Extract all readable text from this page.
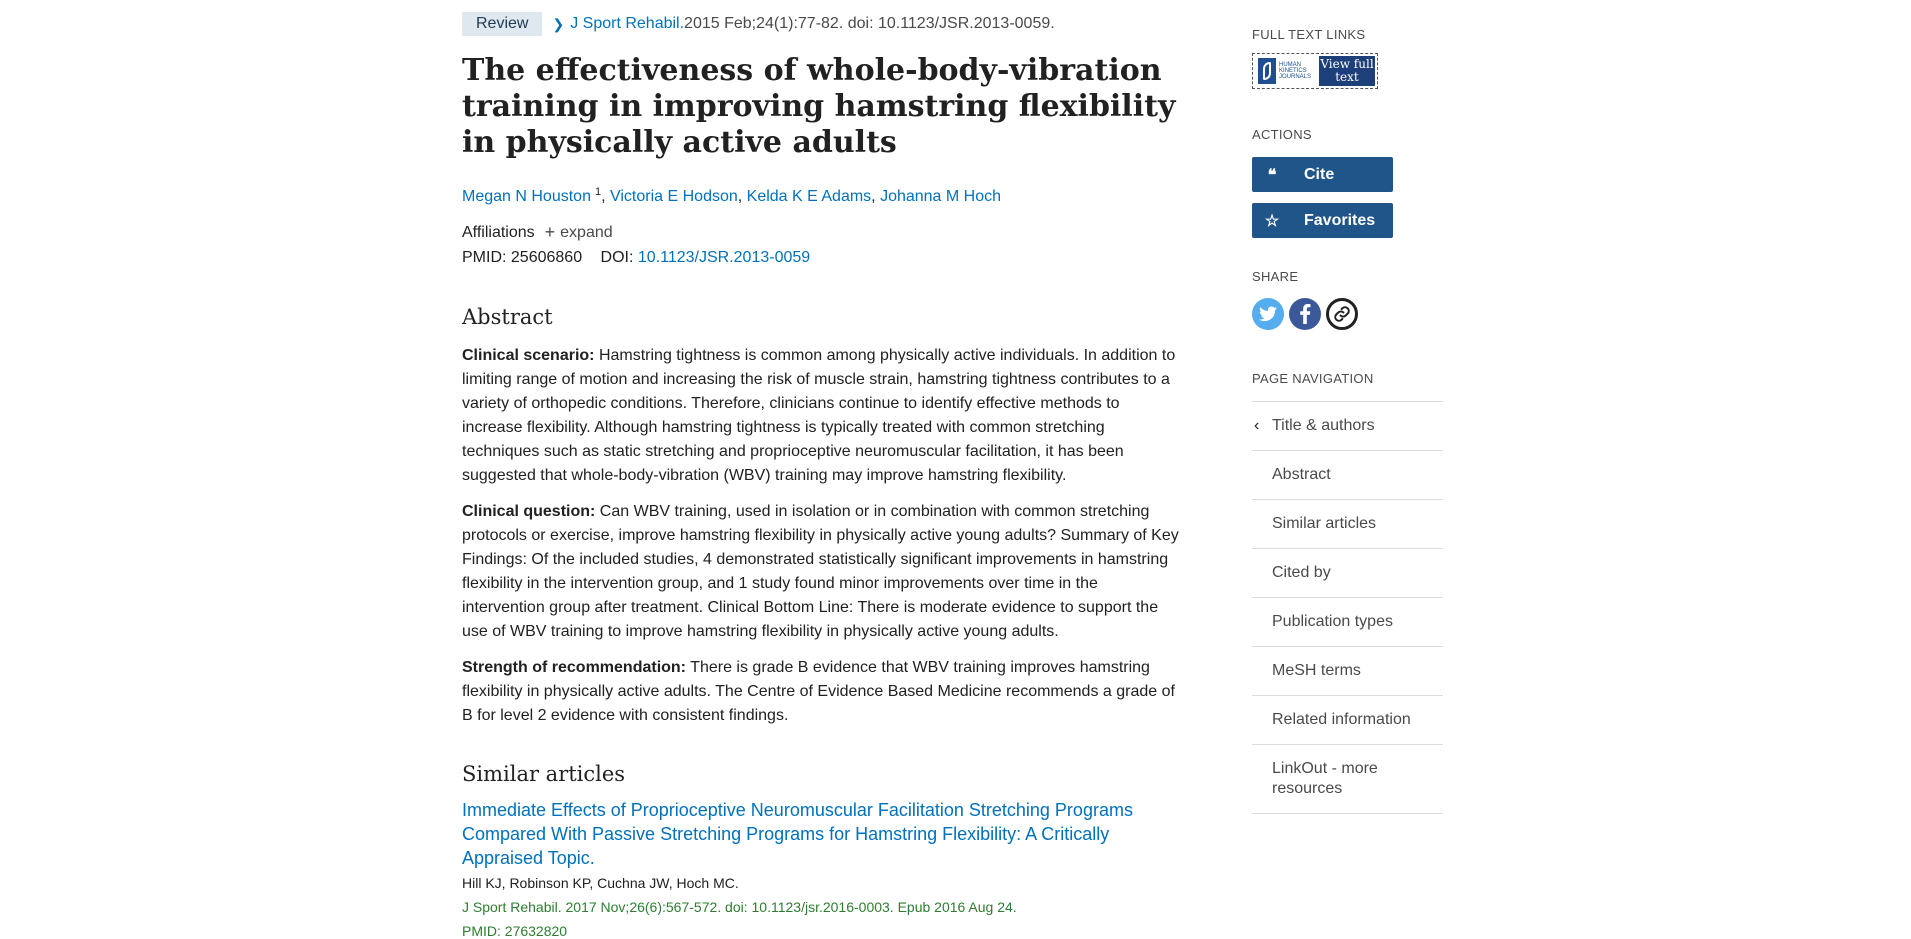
Review	❯ J Sport Rehabil. 2015 Feb;24(1):77-82. doi: 10.1123/JSR.2013-0059.
The effectiveness of whole-body-vibration training in improving hamstring flexibility in physically active adults
Megan N Houston $^1$, Victoria E Hodson, Kelda K E Adams, Johanna M Hoch
Affiliations + expand
PMID: 25606860 DOI: 10.1123/JSR.2013-0059
Abstract

Clinical scenario: Hamstring tightness is common among physically active individuals. In addition to limiting range of motion and increasing the risk of muscle strain, hamstring tightness contributes to a variety of orthopedic conditions. Therefore, clinicians continue to identify effective methods to increase flexibility. Although hamstring tightness is typically treated with common stretching techniques such as static stretching and proprioceptive neuromuscular facilitation, it has been suggested that whole-body-vibration (WBV) training may improve hamstring flexibility.

Clinical question: Can WBV training, used in isolation or in combination with common stretching protocols or exercise, improve hamstring flexibility in physically active young adults? Summary of Key Findings: Of the included studies, 4 demonstrated statistically significant improvements in hamstring flexibility in the intervention group, and 1 study found minor improvements over time in the intervention group after treatment. Clinical Bottom Line: There is moderate evidence to support the use of WBV training to improve hamstring flexibility in physically active young adults.

Strength of recommendation: There is grade B evidence that WBV training improves hamstring flexibility in physically active adults. The Centre of Evidence Based Medicine recommends a grade of B for level 2 evidence with consistent findings.

Similar articles
Immediate Effects of Proprioceptive Neuromuscular Facilitation Stretching Programs Compared With Passive Stretching Programs for Hamstring Flexibility: A Critically Appraised Topic.
Hill KJ, Robinson KP, Cuchna JW, Hoch MC.
J Sport Rehabil. 2017 Nov;26(6):567-572. doi: 10.1123/jsr.2016-0003. Epub 2016 Aug 24.
PMID: 27632820
FULL TEXT LINKS
HUMAN KINETICS JOURNALS
View full text
ACTIONS
❝	Cite
☆	Favorites
SHARE
PAGE NAVIGATION
‹ Title & authors
Abstract
Similar articles
Cited by
Publication types
MeSH terms
Related information
LinkOut - more resources
